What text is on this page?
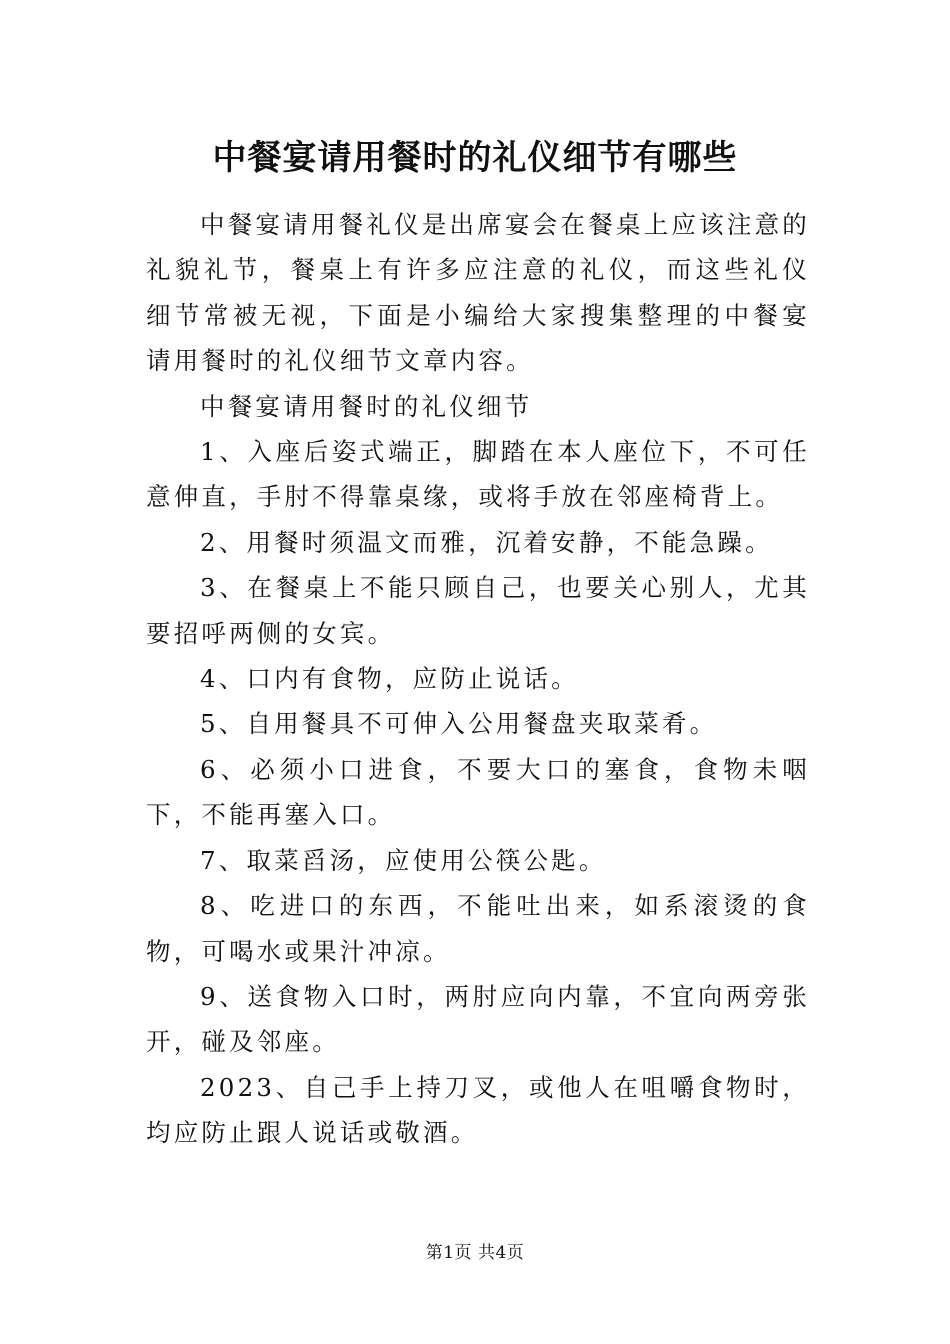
中餐宴请用餐时的礼仪细节有哪些

中餐宴请用餐礼仪是出席宴会在餐桌上应该注意的礼貌礼节，餐桌上有许多应注意的礼仪，而这些礼仪细节常被无视，下面是小编给大家搜集整理的中餐宴请用餐时的礼仪细节文章内容。

中餐宴请用餐时的礼仪细节

1、入座后姿式端正，脚踏在本人座位下，不可任意伸直，手肘不得靠桌缘，或将手放在邻座椅背上。

2、用餐时须温文而雅，沉着安静，不能急躁。

3、在餐桌上不能只顾自己，也要关心别人，尤其要招呼两侧的女宾。

4、口内有食物，应防止说话。

5、自用餐具不可伸入公用餐盘夹取菜肴。

6、必须小口进食，不要大口的塞食，食物未咽下，不能再塞入口。

7、取菜舀汤，应使用公筷公匙。

8、吃进口的东西，不能吐出来，如系滚烫的食物，可喝水或果汁冲凉。

9、送食物入口时，两肘应向内靠，不宜向两旁张开，碰及邻座。

2023、自己手上持刀叉，或他人在咀嚼食物时，均应防止跟人说话或敬酒。

第1页 共4页
